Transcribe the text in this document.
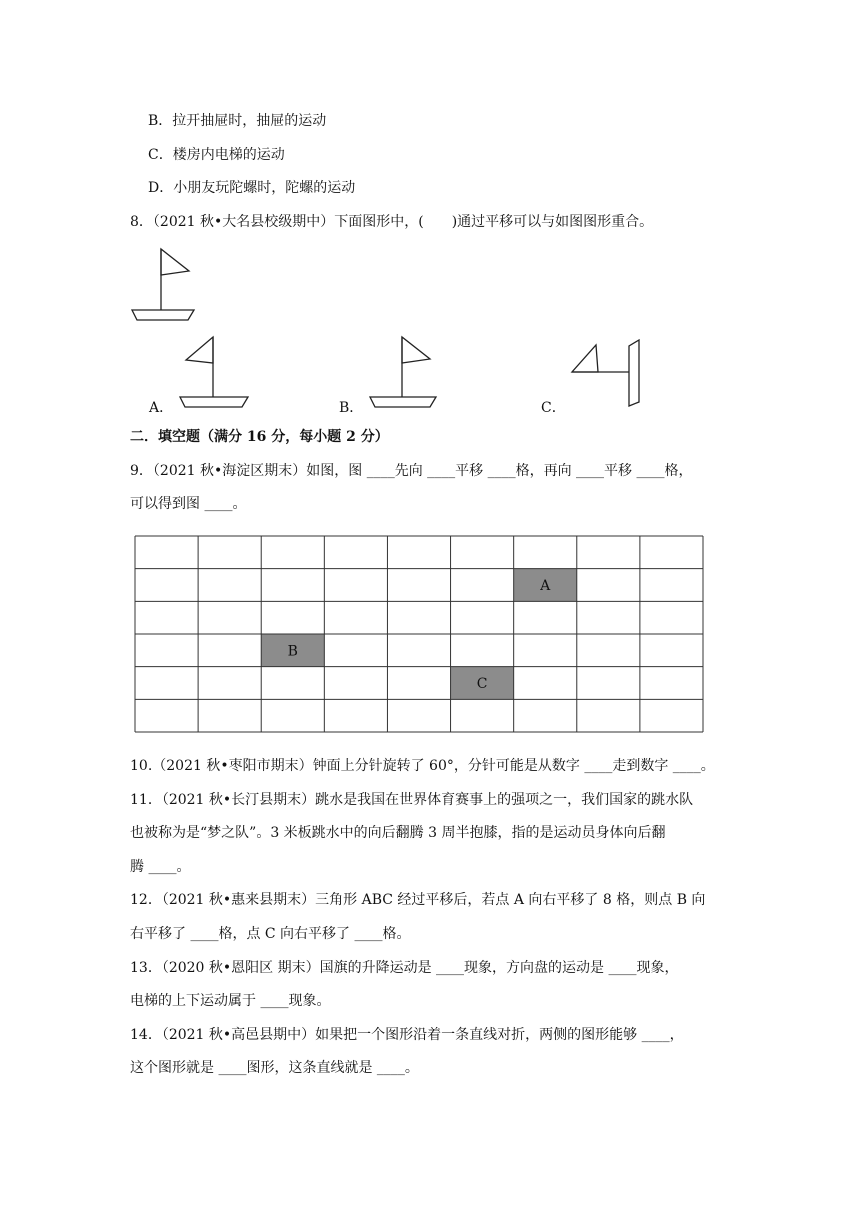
B．拉开抽屉时，抽屉的运动
C．楼房内电梯的运动
D．小朋友玩陀螺时，陀螺的运动
8．（2021 秋•大名县校级期中）下面图形中，(　　)通过平移可以与如图图形重合。
A．	B．	C．
二．填空题（满分 16 分，每小题 2 分）
9．（2021 秋•海淀区期末）如图，图 ____先向 ____平移 ____格，再向 ____平移 ____格，
可以得到图 ____。
A
B
C
10.（2021 秋•枣阳市期末）钟面上分针旋转了 60°，分针可能是从数字 ____走到数字 ____。
11．（2021 秋•长汀县期末）跳水是我国在世界体育赛事上的强项之一，我们国家的跳水队
也被称为是“梦之队”。3 米板跳水中的向后翻腾 3 周半抱膝，指的是运动员身体向后翻
腾 ____。
12．（2021 秋•惠来县期末）三角形 ABC 经过平移后，若点 A 向右平移了 8 格，则点 B 向
右平移了 ____格，点 C 向右平移了 ____格。
13．（2020 秋•恩阳区 期末）国旗的升降运动是 ____现象，方向盘的运动是 ____现象，
电梯的上下运动属于 ____现象。
14．（2021 秋•高邑县期中）如果把一个图形沿着一条直线对折，两侧的图形能够 ____，
这个图形就是 ____图形，这条直线就是 ____。
